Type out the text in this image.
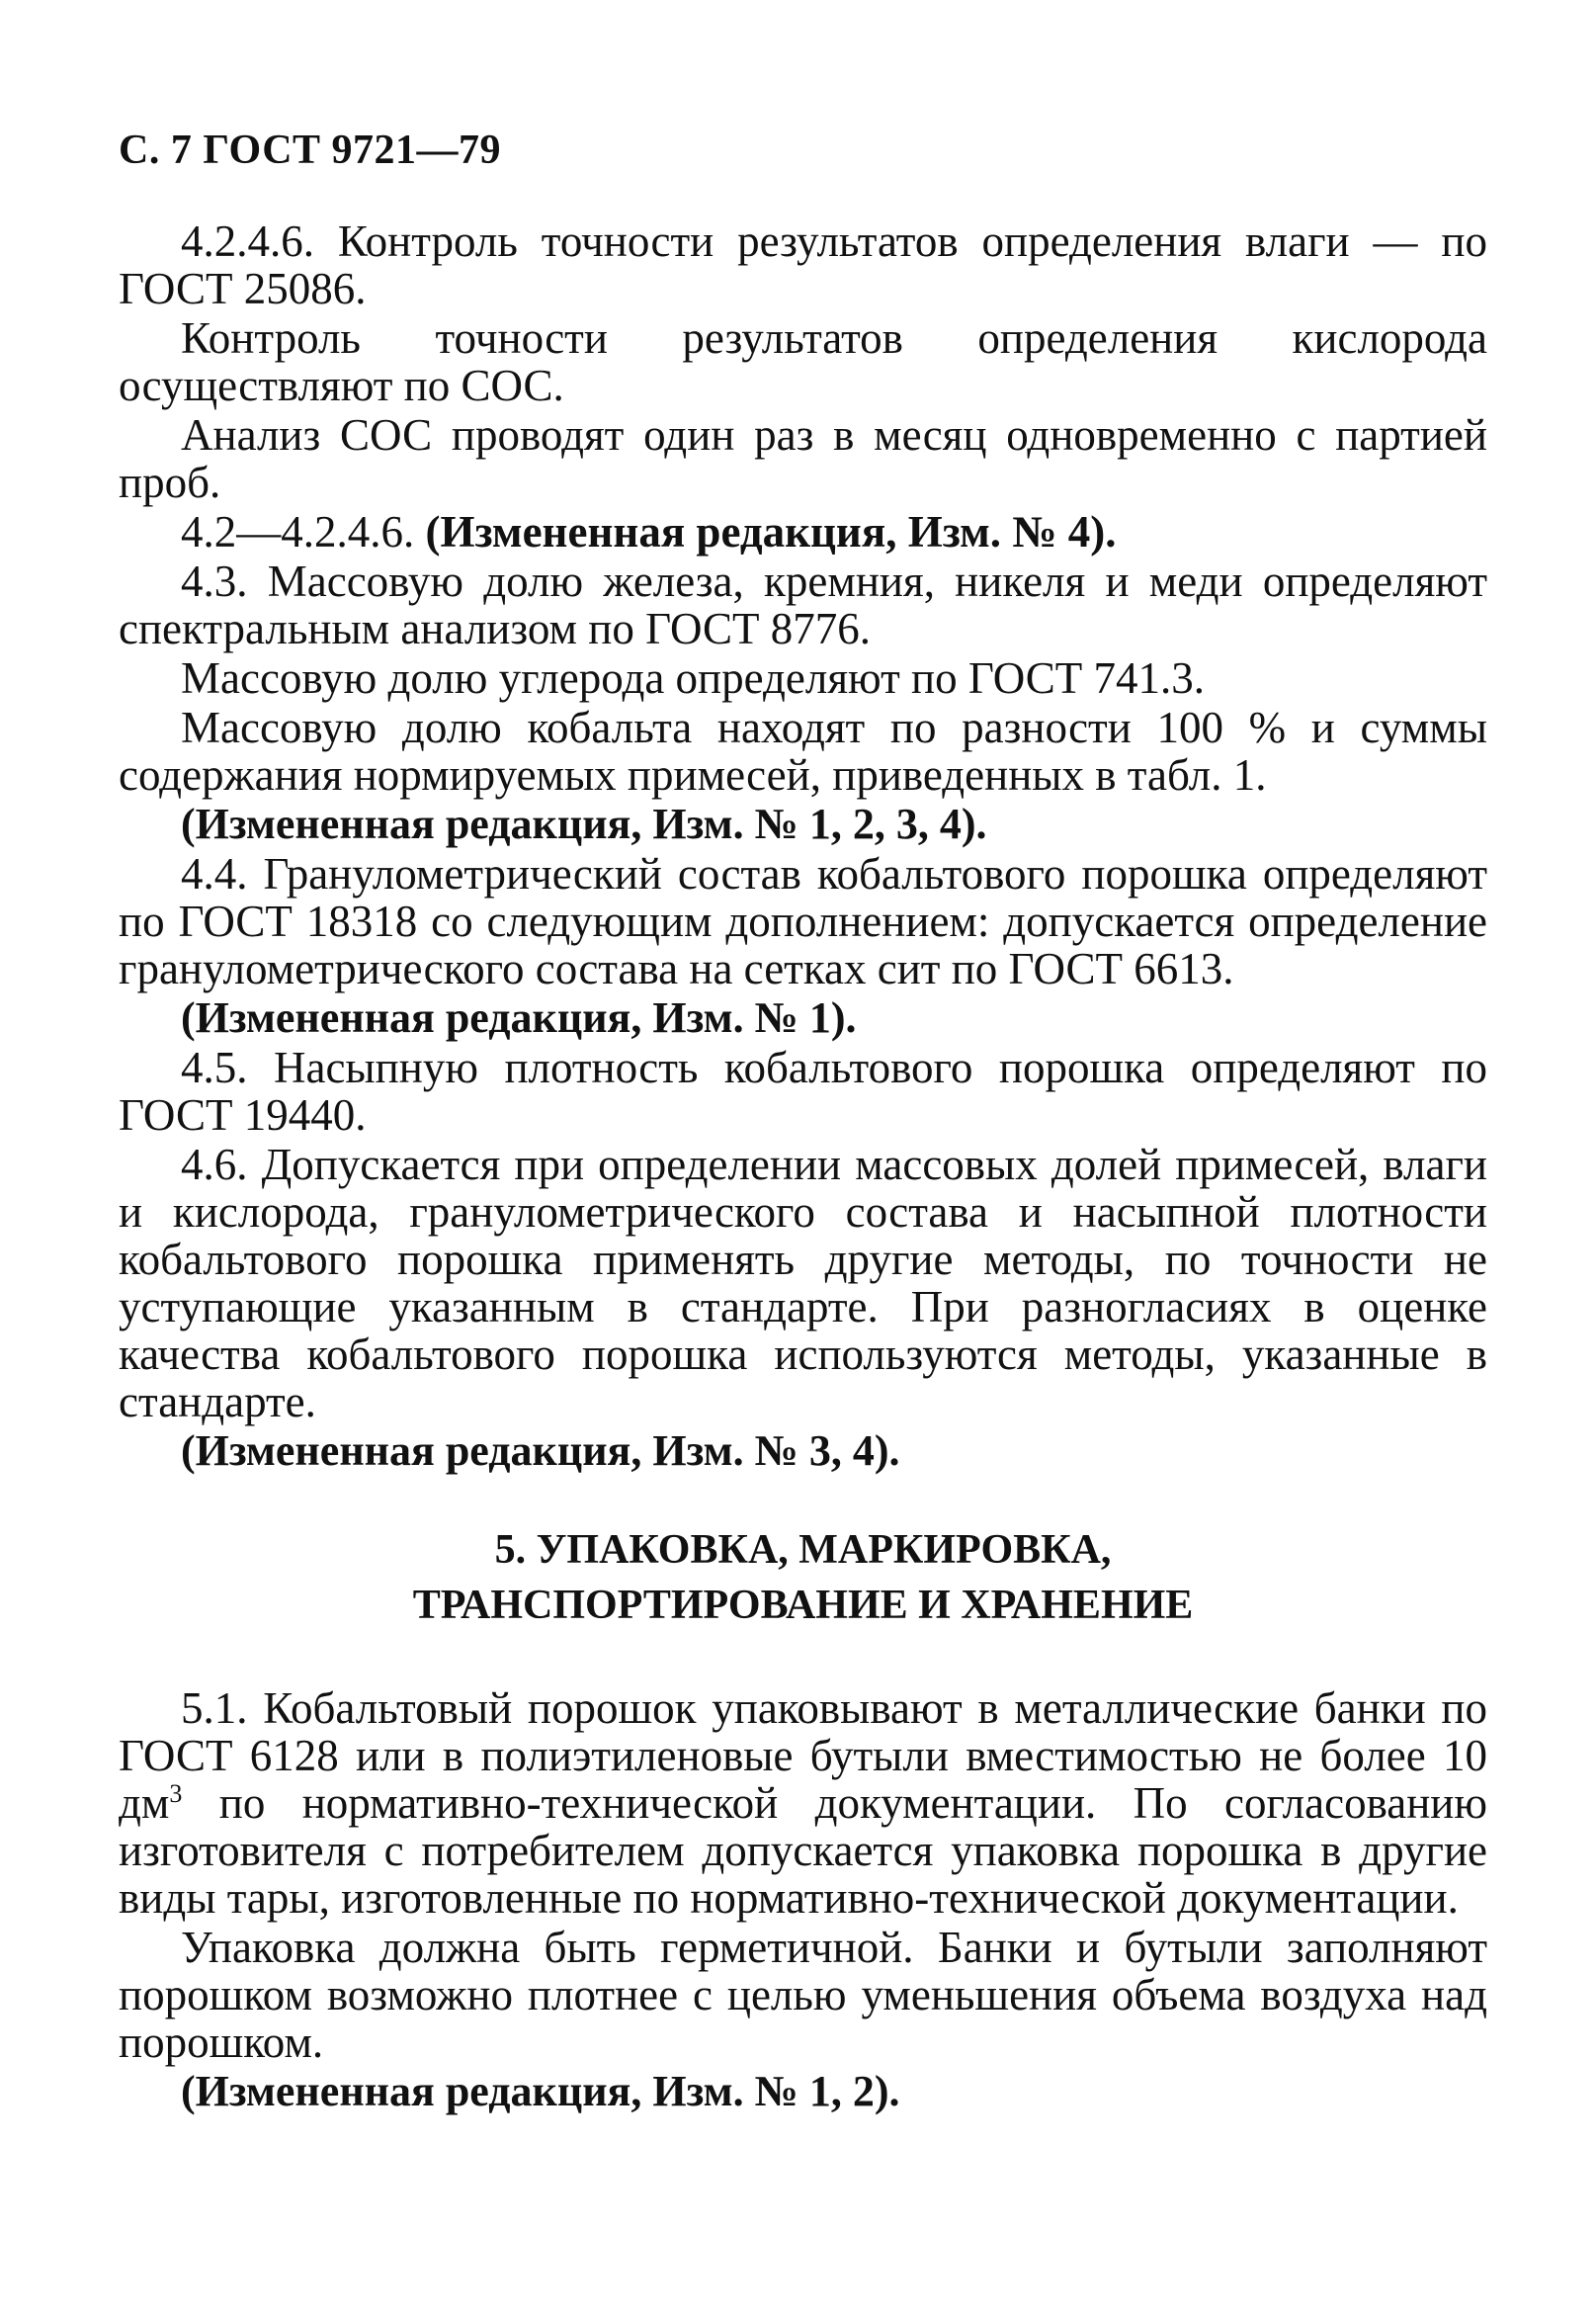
С. 7 ГОСТ 9721—79

4.2.4.6. Контроль точности результатов определения влаги — по ГОСТ 25086.

Контроль точности результатов определения кислорода осуществляют по СОС.

Анализ СОС проводят один раз в месяц одновременно с партией проб.

4.2—4.2.4.6. (Измененная редакция, Изм. № 4).

4.3. Массовую долю железа, кремния, никеля и меди определяют спектральным анализом по ГОСТ 8776.

Массовую долю углерода определяют по ГОСТ 741.3.

Массовую долю кобальта находят по разности 100 % и суммы содержания нормируемых примесей, приведенных в табл. 1.

(Измененная редакция, Изм. № 1, 2, 3, 4).

4.4. Гранулометрический состав кобальтового порошка определяют по ГОСТ 18318 со следующим дополнением: допускается определение гранулометрического состава на сетках сит по ГОСТ 6613.

(Измененная редакция, Изм. № 1).

4.5. Насыпную плотность кобальтового порошка определяют по ГОСТ 19440.

4.6. Допускается при определении массовых долей примесей, влаги и кислорода, гранулометрического состава и насыпной плотности кобальтового порошка применять другие методы, по точности не уступающие указанным в стандарте. При разногласиях в оценке качества кобальтового порошка используются методы, указанные в стандарте.

(Измененная редакция, Изм. № 3, 4).

5. УПАКОВКА, МАРКИРОВКА,
ТРАНСПОРТИРОВАНИЕ И ХРАНЕНИЕ

5.1. Кобальтовый порошок упаковывают в металлические банки по ГОСТ 6128 или в полиэтиленовые бутыли вместимостью не более 10 $дм^3$ по нормативно-технической документации. По согласованию изготовителя с потребителем допускается упаковка порошка в другие виды тары, изготовленные по нормативно-технической документации.

Упаковка должна быть герметичной. Банки и бутыли заполняют порошком возможно плотнее с целью уменьшения объема воздуха над порошком.

(Измененная редакция, Изм. № 1, 2).
